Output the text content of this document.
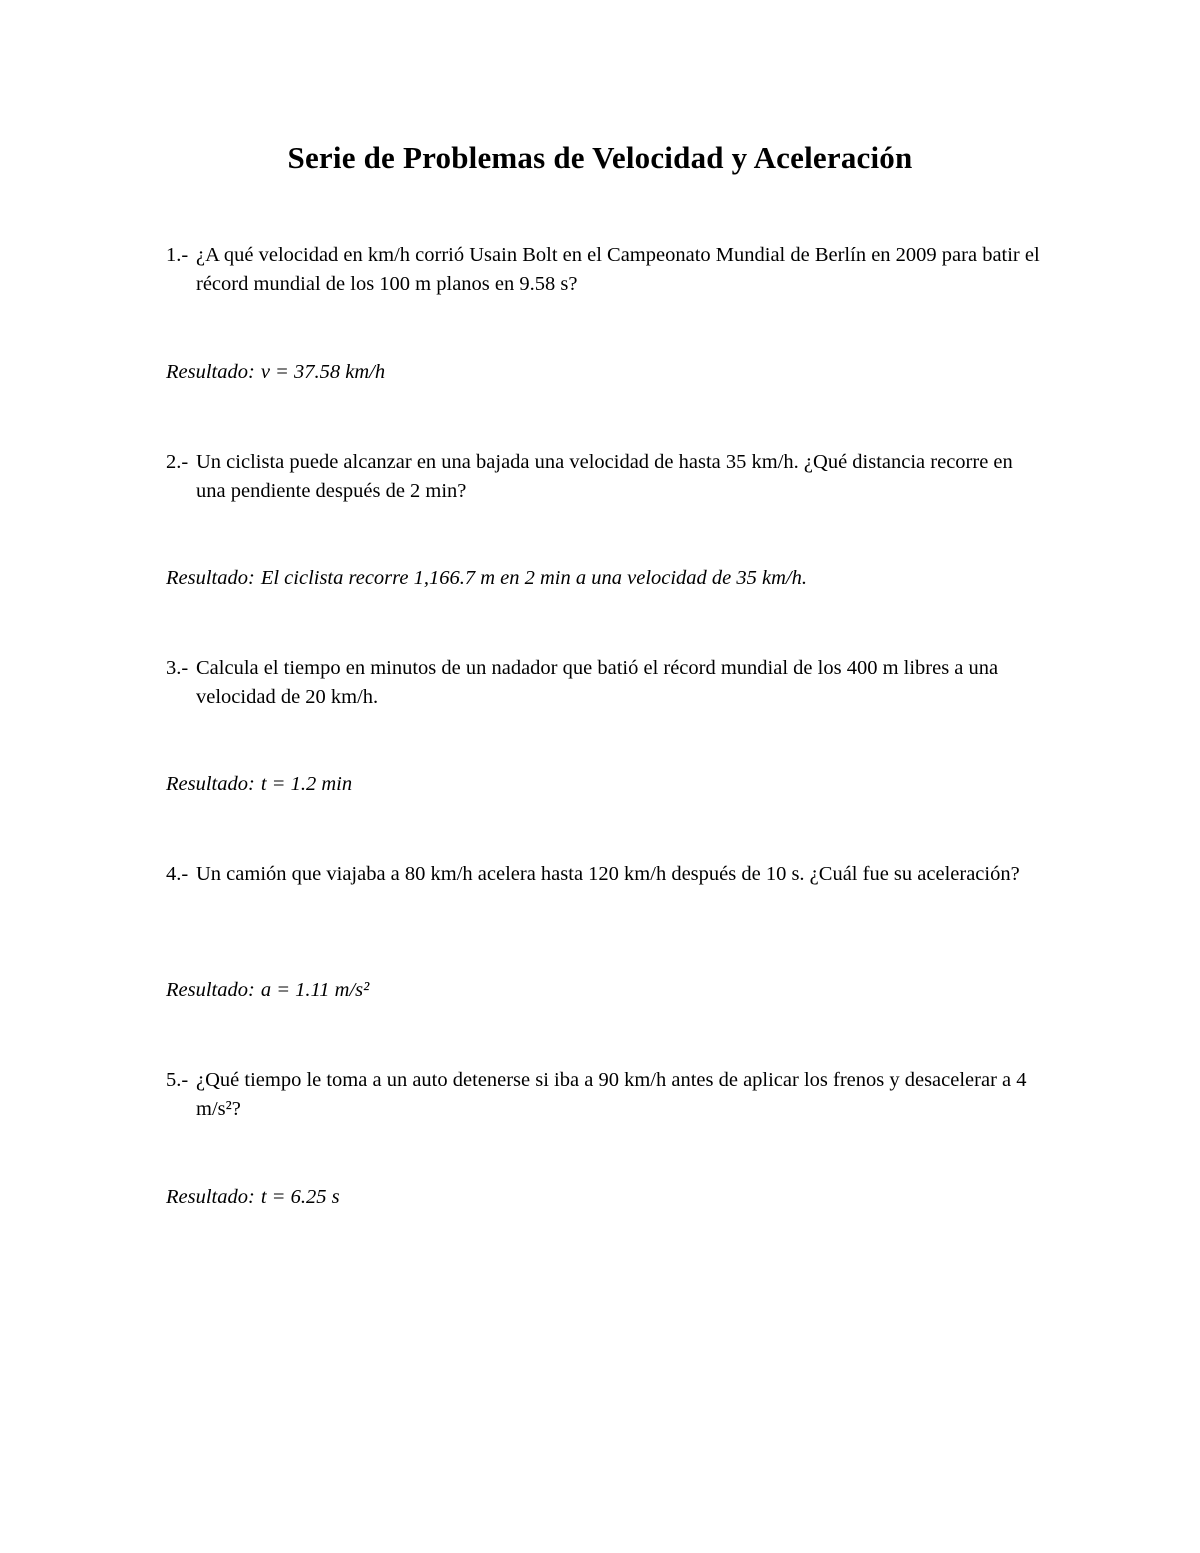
Serie de Problemas de Velocidad y Aceleración
1.- ¿A qué velocidad en km/h corrió Usain Bolt en el Campeonato Mundial de Berlín en 2009 para batir el récord mundial de los 100 m planos en 9.58 s?
Resultado: v = 37.58 km/h
2.- Un ciclista puede alcanzar en una bajada una velocidad de hasta 35 km/h. ¿Qué distancia recorre en una pendiente después de 2 min?
Resultado: El ciclista recorre 1,166.7 m en 2 min a una velocidad de 35 km/h.
3.- Calcula el tiempo en minutos de un nadador que batió el récord mundial de los 400 m libres a una velocidad de 20 km/h.
Resultado: t = 1.2 min
4.- Un camión que viajaba a 80 km/h acelera hasta 120 km/h después de 10 s. ¿Cuál fue su aceleración?
Resultado: a = 1.11 m/s²
5.- ¿Qué tiempo le toma a un auto detenerse si iba a 90 km/h antes de aplicar los frenos y desacelerar a 4 m/s²?
Resultado: t = 6.25 s
